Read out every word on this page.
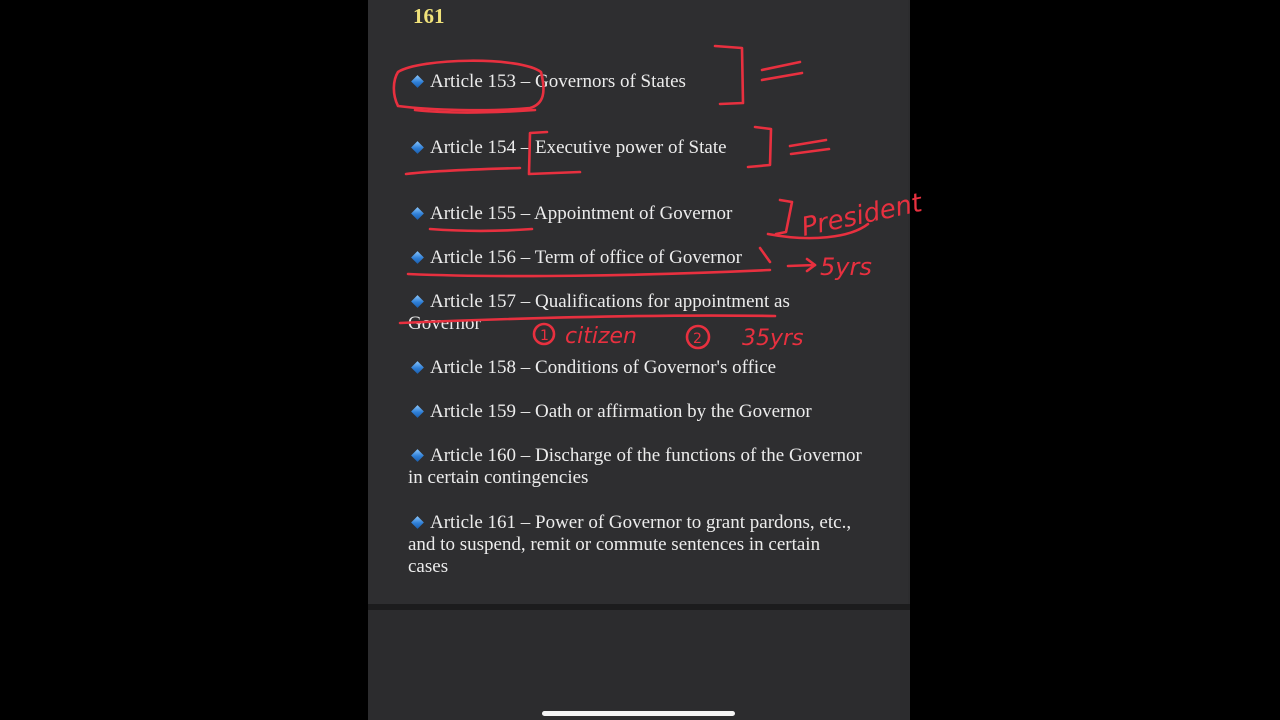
161
Article 153 – Governors of States
Article 154 – Executive power of State
Article 155 – Appointment of Governor
Article 156 – Term of office of Governor
Article 157 – Qualifications for appointment as Governor
Article 158 – Conditions of Governor's office
Article 159 – Oath or affirmation by the Governor
Article 160 – Discharge of the functions of the Governor in certain contingencies
Article 161 – Power of Governor to grant pardons, etc., and to suspend, remit or commute sentences in certain cases
President
5yrs
1 citizen	2 35yrs
